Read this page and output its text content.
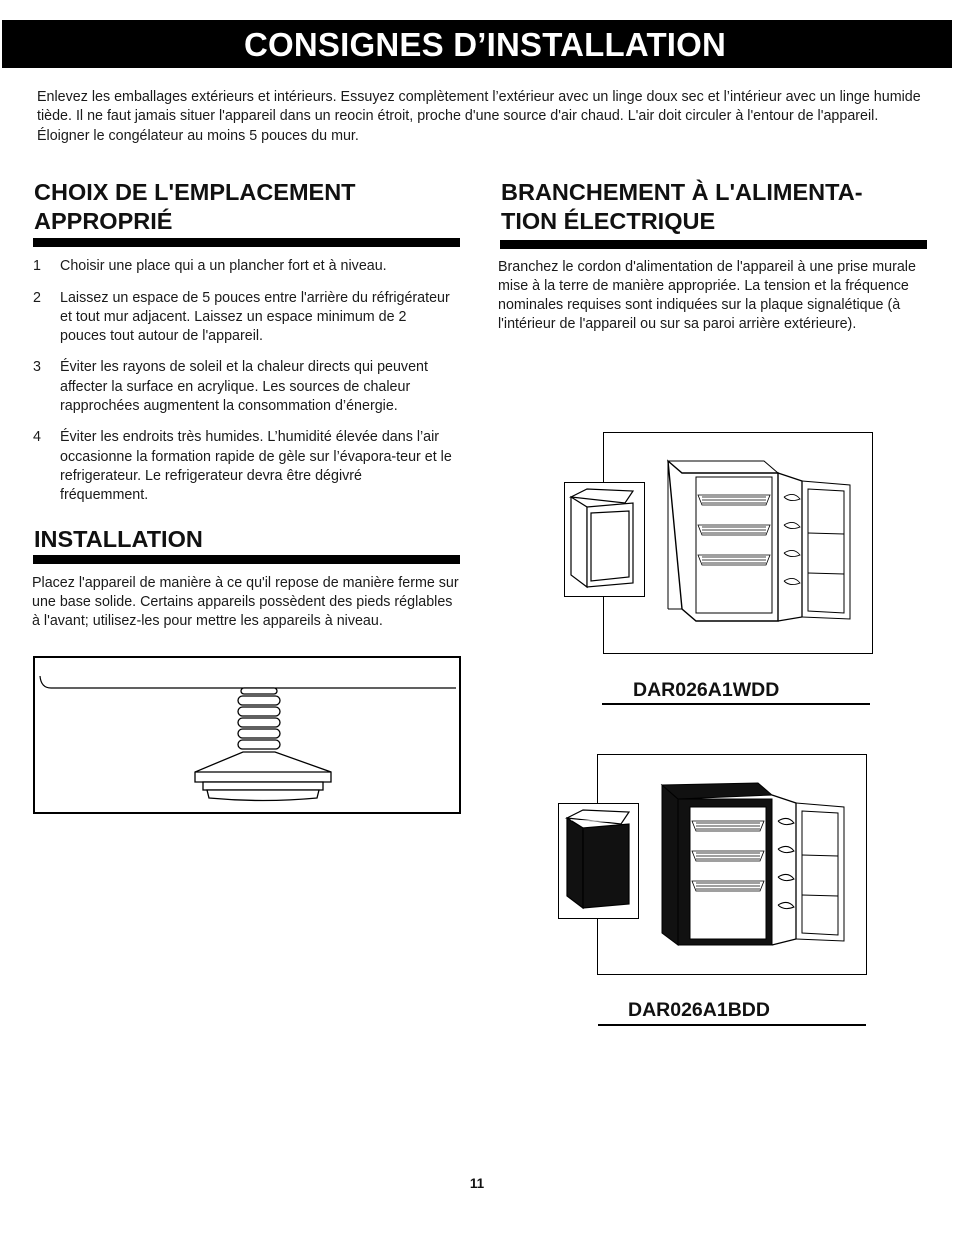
CONSIGNES D’INSTALLATION

Enlevez les emballages extérieurs et intérieurs. Essuyez complètement l’extérieur avec un linge doux sec et l’intérieur avec un linge humide tiède. Il ne faut jamais situer l'appareil dans un reocin étroit, proche d'une source d'air chaud. L'air doit circuler à l'entour de l'appareil. Éloigner le congélateur au moins 5 pouces du mur.

CHOIX DE L'EMPLACEMENT
APPROPRIÉ
1 Choisir une place qui a un plancher fort et à niveau.
2 Laissez un espace de 5 pouces entre l'arrière du réfrigérateur et tout mur adjacent. Laissez un espace minimum de 2 pouces tout autour de l'appareil.
3 Éviter les rayons de soleil et la chaleur directs qui peuvent affecter la surface en acrylique. Les sources de chaleur rapprochées augmentent la consommation d’énergie.
4 Éviter les endroits très humides. L’humidité élevée dans l’air occasionne la formation rapide de gèle sur l’évapora-teur et le refrigerateur. Le refrigerateur devra être dégivré fréquemment.
INSTALLATION

Placez l'appareil de manière à ce qu'il repose de manière ferme sur une base solide. Certains appareils possèdent des pieds réglables à l'avant; utilisez-les pour mettre les appareils à niveau.

BRANCHEMENT À L'ALIMENTA-
TION ÉLECTRIQUE

Branchez le cordon d'alimentation de l'appareil à une prise murale mise à la terre de manière appropriée. La tension et la fréquence nominales requises sont indiquées sur la plaque signalétique (à l'intérieur de l'appareil ou sur sa paroi arrière extérieure).

DAR026A1WDD
DAR026A1BDD
11
